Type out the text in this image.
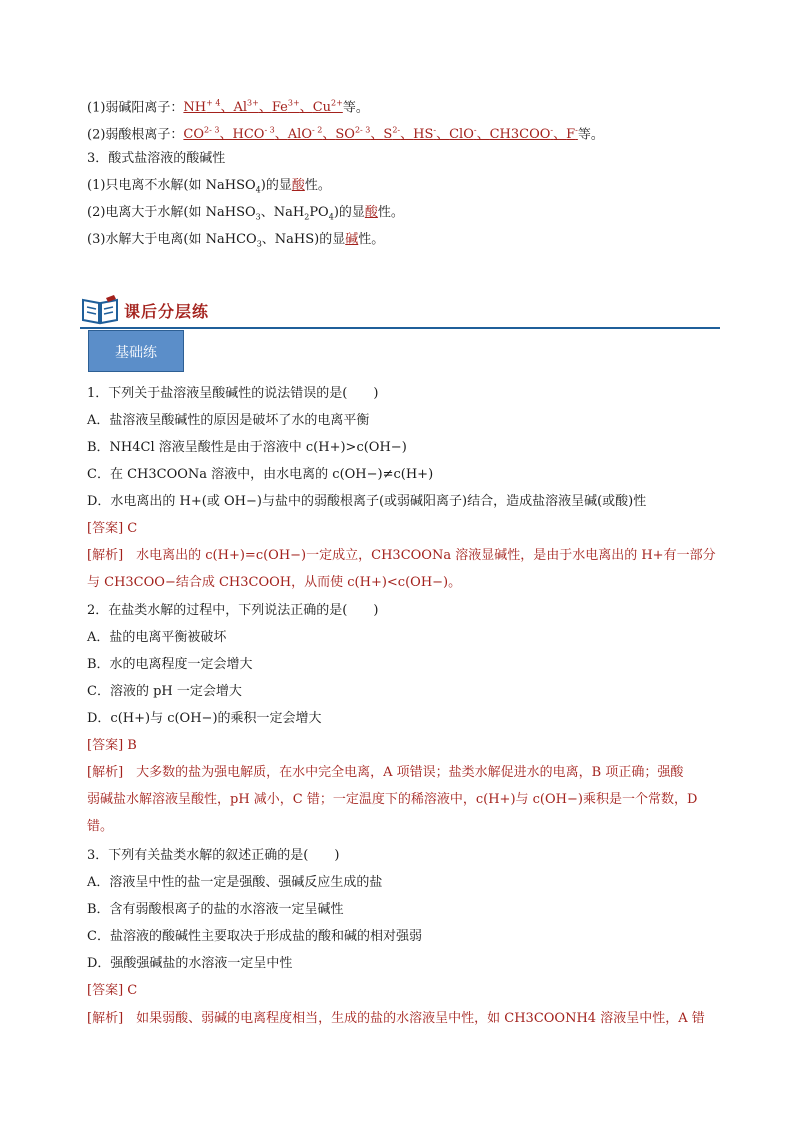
(1)弱碱阳离子：$NH^{+ 4}$、$Al^{3+}$、$Fe^{3+}$、$Cu^{2+}$等。
(2)弱酸根离子：CO$^{2- 3}$、$HCO^{- 3}$、AlO$^{- 2}$、SO$^{2- 3}$、$S^{2-}$、HS-、ClO-、CH3COO-、F-等。
3．酸式盐溶液的酸碱性
(1)只电离不水解(如 NaHSO$_4$)的显酸性。
(2)电离大于水解(如 NaHSO$_3$、$NaH_2PO_4$)的显酸性。
(3)水解大于电离(如 NaHCO$_3$、NaHS)的显碱性。
课后分层练
基础练
1．下列关于盐溶液呈酸碱性的说法错误的是(　　)
A．盐溶液呈酸碱性的原因是破坏了水的电离平衡
B．NH4Cl 溶液呈酸性是由于溶液中 c(H+)>c(OH−)
C．在 CH3COONa 溶液中，由水电离的 c(OH−)≠c(H+)
D．水电离出的 H+(或 OH−)与盐中的弱酸根离子(或弱碱阳离子)结合，造成盐溶液呈碱(或酸)性
[答案] C
[解析]　水电离出的 c(H+)=c(OH−)一定成立，CH3COONa 溶液显碱性，是由于水电离出的 H+有一部分
与 CH3COO−结合成 CH3COOH，从而使 c(H+)<c(OH−)。
2．在盐类水解的过程中，下列说法正确的是(　　)
A．盐的电离平衡被破坏
B．水的电离程度一定会增大
C．溶液的 pH 一定会增大
D．c(H+)与 c(OH−)的乘积一定会增大
[答案] B
[解析]　大多数的盐为强电解质，在水中完全电离，A 项错误；盐类水解促进水的电离，B 项正确；强酸
弱碱盐水解溶液呈酸性，pH 减小，C 错；一定温度下的稀溶液中，c(H+)与 c(OH−)乘积是一个常数，D
错。
3．下列有关盐类水解的叙述正确的是(　　)
A．溶液呈中性的盐一定是强酸、强碱反应生成的盐
B．含有弱酸根离子的盐的水溶液一定呈碱性
C．盐溶液的酸碱性主要取决于形成盐的酸和碱的相对强弱
D．强酸强碱盐的水溶液一定呈中性
[答案] C
[解析]　如果弱酸、弱碱的电离程度相当，生成的盐的水溶液呈中性，如 CH3COONH4 溶液呈中性，A 错
